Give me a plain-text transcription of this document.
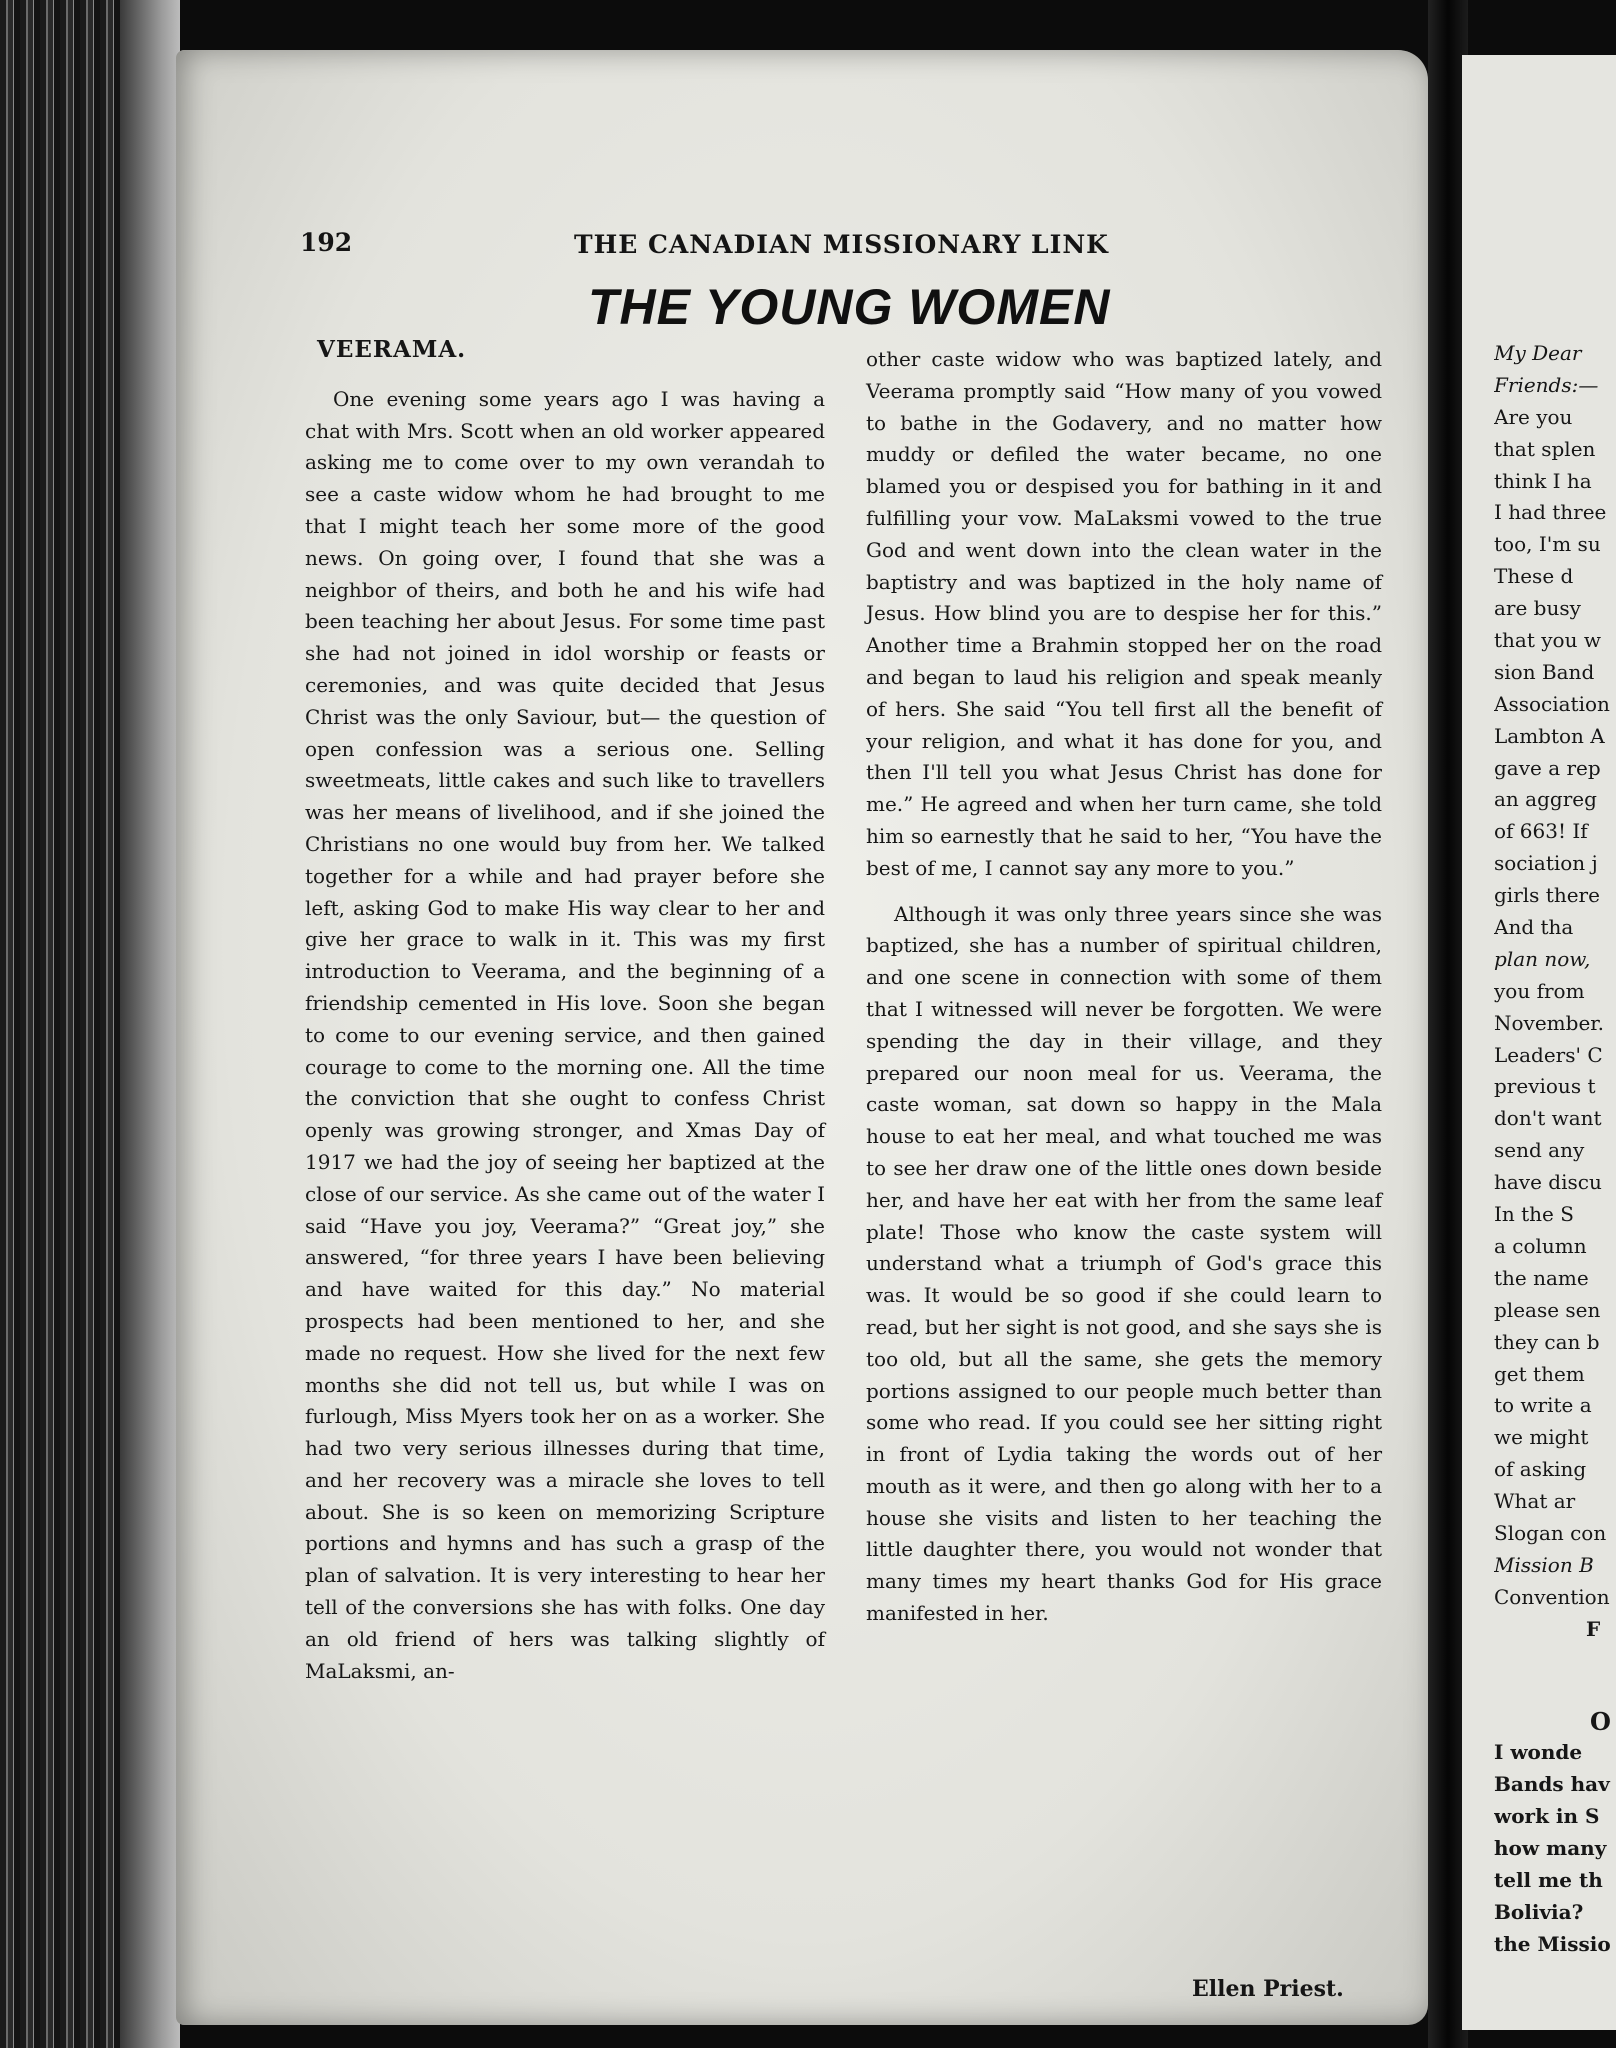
192	THE CANADIAN MISSIONARY LINK
THE YOUNG WOMEN

VEERAMA.

One evening some years ago I was having a chat with Mrs. Scott when an old worker appeared asking me to come over to my own verandah to see a caste widow whom he had brought to me that I might teach her some more of the good news. On going over, I found that she was a neighbor of theirs, and both he and his wife had been teaching her about Jesus. For some time past she had not joined in idol worship or feasts or ceremonies, and was quite decided that Jesus Christ was the only Saviour, but— the question of open confession was a serious one. Selling sweetmeats, little cakes and such like to travellers was her means of livelihood, and if she joined the Christians no one would buy from her. We talked together for a while and had prayer before she left, asking God to make His way clear to her and give her grace to walk in it. This was my first introduction to Veerama, and the beginning of a friendship cemented in His love. Soon she began to come to our evening service, and then gained courage to come to the morning one. All the time the conviction that she ought to confess Christ openly was growing stronger, and Xmas Day of 1917 we had the joy of seeing her baptized at the close of our service. As she came out of the water I said “Have you joy, Veerama?” “Great joy,” she answered, “for three years I have been believing and have waited for this day.” No material prospects had been mentioned to her, and she made no request. How she lived for the next few months she did not tell us, but while I was on furlough, Miss Myers took her on as a worker. She had two very serious illnesses during that time, and her recovery was a miracle she loves to tell about. She is so keen on memorizing Scripture portions and hymns and has such a grasp of the plan of salvation. It is very interesting to hear her tell of the conversions she has with folks. One day an old friend of hers was talking slightly of MaLaksmi, an-

other caste widow who was baptized lately, and Veerama promptly said “How many of you vowed to bathe in the Godavery, and no matter how muddy or defiled the water became, no one blamed you or despised you for bathing in it and fulfilling your vow. MaLaksmi vowed to the true God and went down into the clean water in the baptistry and was baptized in the holy name of Jesus. How blind you are to despise her for this.” Another time a Brahmin stopped her on the road and began to laud his religion and speak meanly of hers. She said “You tell first all the benefit of your religion, and what it has done for you, and then I'll tell you what Jesus Christ has done for me.” He agreed and when her turn came, she told him so earnestly that he said to her, “You have the best of me, I cannot say any more to you.”

Although it was only three years since she was baptized, she has a number of spiritual children, and one scene in connection with some of them that I witnessed will never be forgotten. We were spending the day in their village, and they prepared our noon meal for us. Veerama, the caste woman, sat down so happy in the Mala house to eat her meal, and what touched me was to see her draw one of the little ones down beside her, and have her eat with her from the same leaf plate! Those who know the caste system will understand what a triumph of God's grace this was. It would be so good if she could learn to read, but her sight is not good, and she says she is too old, but all the same, she gets the memory portions assigned to our people much better than some who read. If you could see her sitting right in front of Lydia taking the words out of her mouth as it were, and then go along with her to a house she visits and listen to her teaching the little daughter there, you would not wonder that many times my heart thanks God for His grace manifested in her.

Ellen Priest.
My Dear
Friends:—
Are you
that splen
think I ha
I had three
too, I'm su
These d
are busy
that you w
sion Band
Association
Lambton A
gave a rep
an aggreg
of 663! If
sociation j
girls there
And tha
plan now,
you from
November.
Leaders' C
previous t
don't want
send any
have discu
In the S
a column
the name
please sen
they can b
get them
to write a
we might
of asking
What ar
Slogan con
Mission B
Convention
F
O
I wonde
Bands hav
work in S
how many
tell me th
Bolivia?
the Missio
